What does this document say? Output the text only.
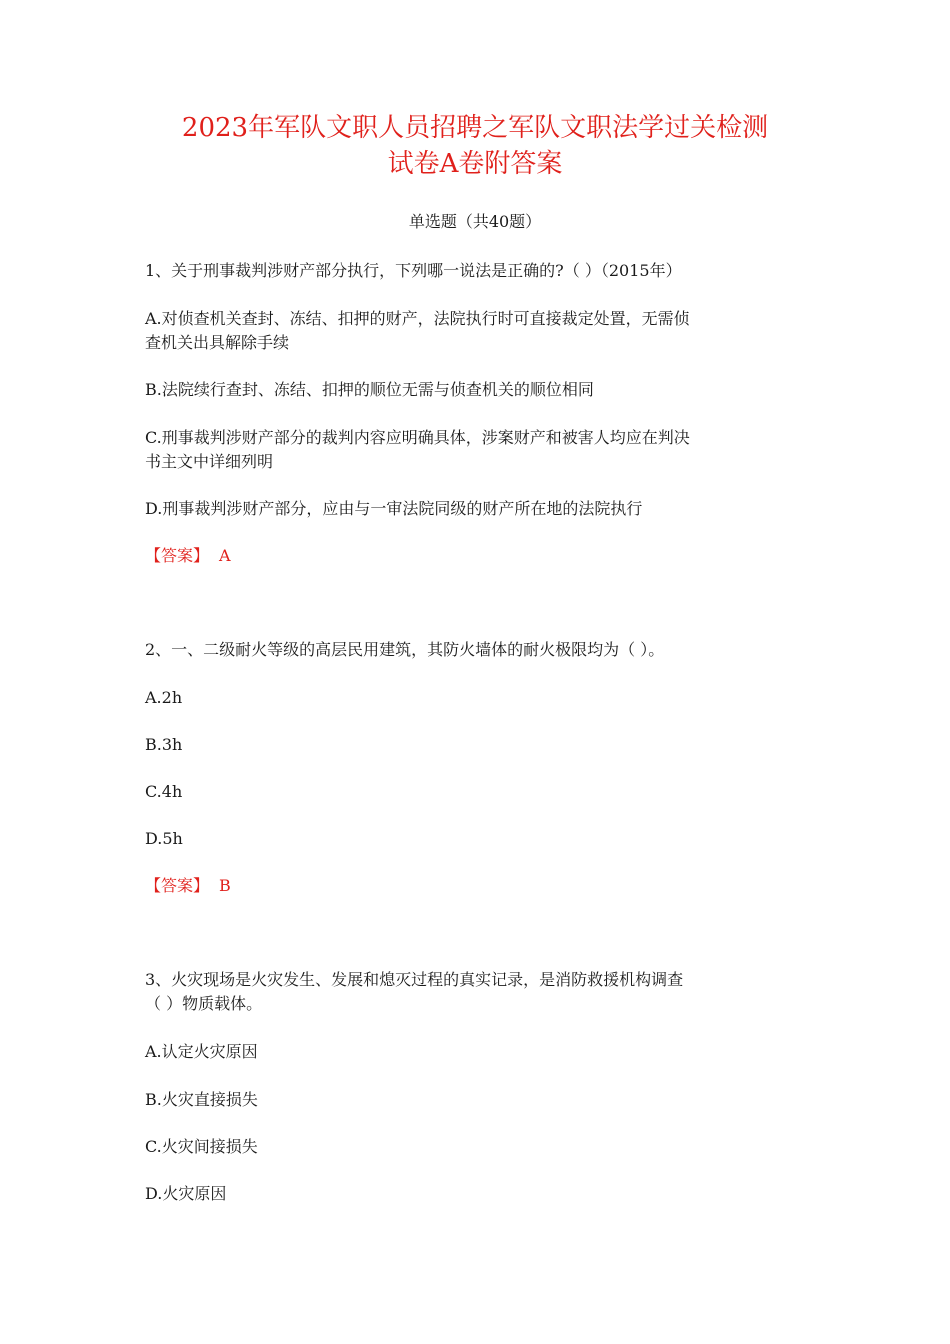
2023年军队文职人员招聘之军队文职法学过关检测
试卷A卷附答案
单选题（共40题）
1、关于刑事裁判涉财产部分执行，下列哪一说法是正确的?（ ）（2015年）
A.对侦查机关查封、冻结、扣押的财产，法院执行时可直接裁定处置，无需侦
查机关出具解除手续
B.法院续行查封、冻结、扣押的顺位无需与侦查机关的顺位相同
C.刑事裁判涉财产部分的裁判内容应明确具体，涉案财产和被害人均应在判决
书主文中详细列明
D.刑事裁判涉财产部分，应由与一审法院同级的财产所在地的法院执行
【答案】 A
2、一、二级耐火等级的高层民用建筑，其防火墙体的耐火极限均为（ ）。
A.2h
B.3h
C.4h
D.5h
【答案】 B
3、火灾现场是火灾发生、发展和熄灭过程的真实记录，是消防救援机构调查
（ ）物质载体。
A.认定火灾原因
B.火灾直接损失
C.火灾间接损失
D.火灾原因
